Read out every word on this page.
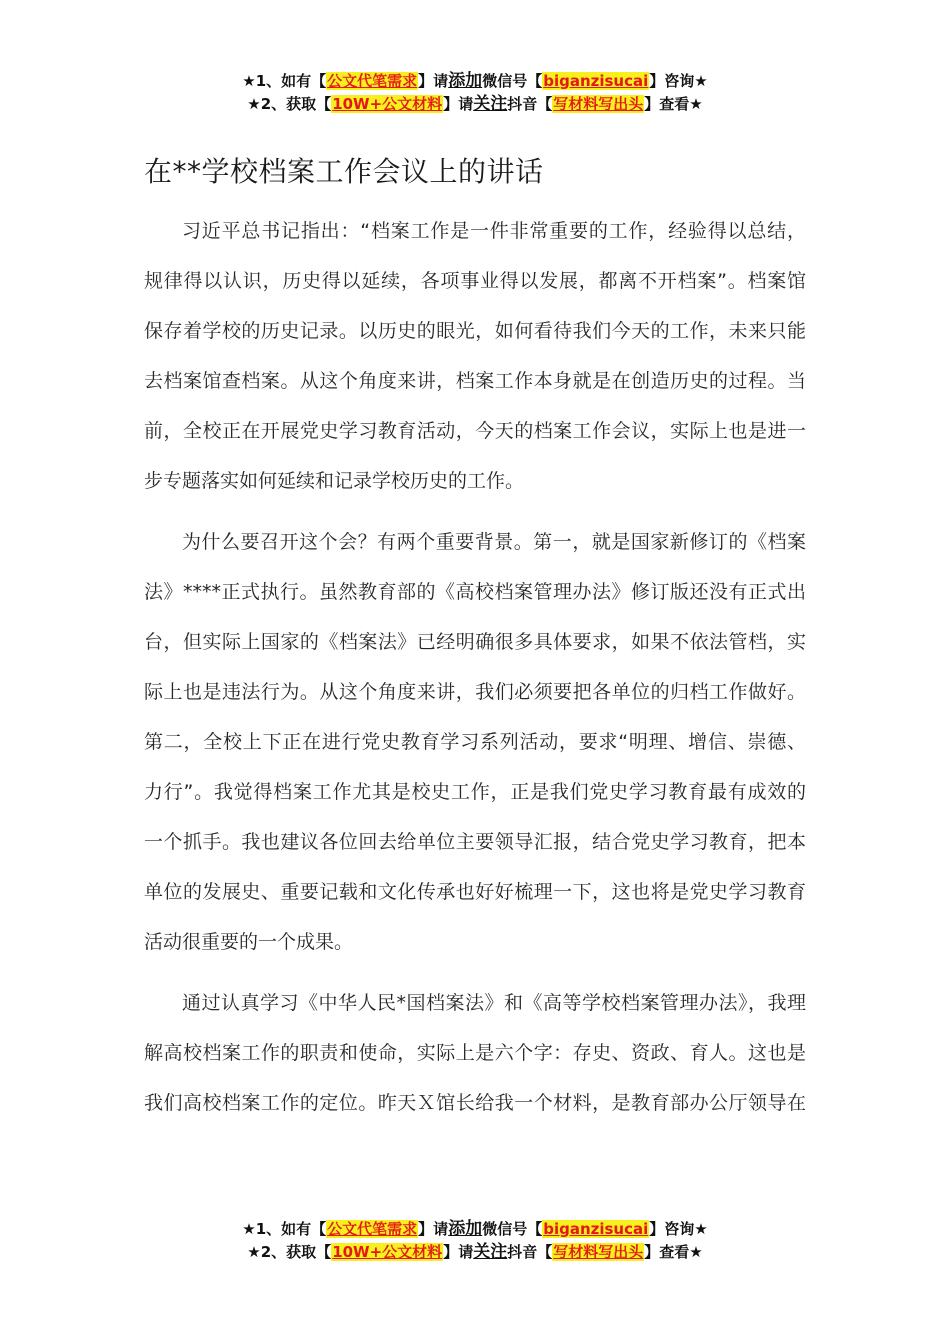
★1、如有【公文代笔需求】请添加微信号【biganzisucai】咨询★
★2、获取【10W+公文材料】请关注抖音【写材料写出头】查看★
在**学校档案工作会议上的讲话
习近平总书记指出：“档案工作是一件非常重要的工作，经验得以总结，
规律得以认识，历史得以延续，各项事业得以发展，都离不开档案”。档案馆
保存着学校的历史记录。以历史的眼光，如何看待我们今天的工作，未来只能
去档案馆查档案。从这个角度来讲，档案工作本身就是在创造历史的过程。当
前，全校正在开展党史学习教育活动，今天的档案工作会议，实际上也是进一
步专题落实如何延续和记录学校历史的工作。
为什么要召开这个会？有两个重要背景。第一，就是国家新修订的《档案
法》****正式执行。虽然教育部的《高校档案管理办法》修订版还没有正式出
台，但实际上国家的《档案法》已经明确很多具体要求，如果不依法管档，实
际上也是违法行为。从这个角度来讲，我们必须要把各单位的归档工作做好。
第二，全校上下正在进行党史教育学习系列活动，要求“明理、增信、崇德、
力行”。我觉得档案工作尤其是校史工作，正是我们党史学习教育最有成效的
一个抓手。我也建议各位回去给单位主要领导汇报，结合党史学习教育，把本
单位的发展史、重要记载和文化传承也好好梳理一下，这也将是党史学习教育
活动很重要的一个成果。
通过认真学习《中华人民*国档案法》和《高等学校档案管理办法》，我理
解高校档案工作的职责和使命，实际上是六个字：存史、资政、育人。这也是
我们高校档案工作的定位。昨天Ｘ馆长给我一个材料，是教育部办公厅领导在
★1、如有【公文代笔需求】请添加微信号【biganzisucai】咨询★
★2、获取【10W+公文材料】请关注抖音【写材料写出头】查看★
